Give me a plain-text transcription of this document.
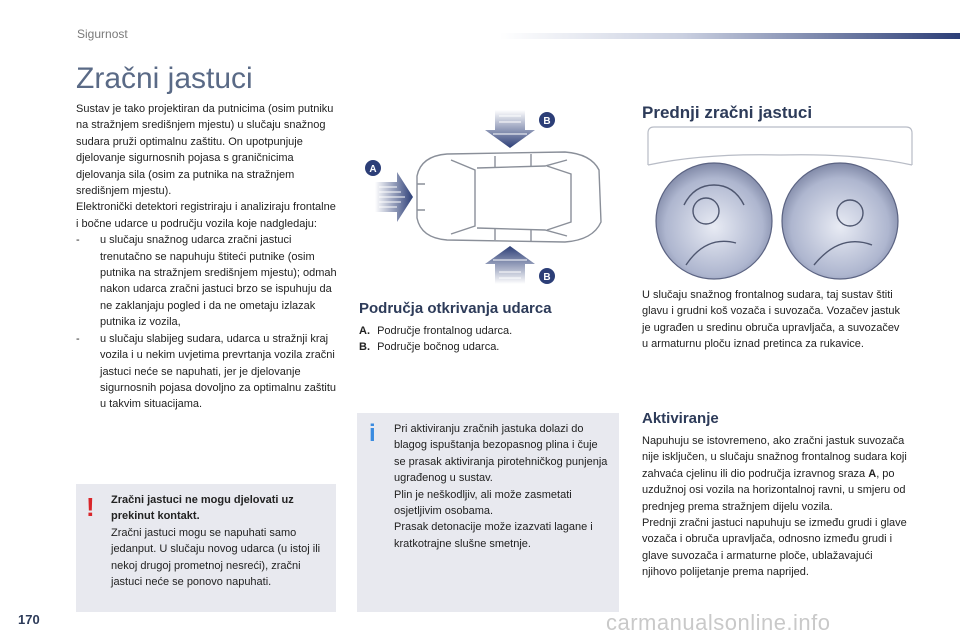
Sigurnost
Zračni jastuci

Sustav je tako projektiran da putnicima (osim putniku na stražnjem središnjem mjestu) u slučaju snažnog sudara pruži optimalnu zaštitu. On upotpunjuje djelovanje sigurnosnih pojasa s graničnicima djelovanja sila (osim za putnika na stražnjem središnjem mjestu).

Elektronički detektori registriraju i analiziraju frontalne i bočne udarce u području vozila koje nadgledaju:

- u slučaju snažnog udarca zračni jastuci trenutačno se napuhuju štiteći putnike (osim putnika na stražnjem središnjem mjestu); odmah nakon udarca zračni jastuci brzo se ispuhuju da ne zaklanjaju pogled i da ne ometaju izlazak putnika iz vozila,
- u slučaju slabijeg sudara, udarca u stražnji kraj vozila i u nekim uvjetima prevrtanja vozila zračni jastuci neće se napuhati, jer je djelovanje sigurnosnih pojasa dovoljno za optimalnu zaštitu u takvim situacijama.
! Zračni jastuci ne mogu djelovati uz prekinut kontakt.

Zračni jastuci mogu se napuhati samo jedanput. U slučaju novog udarca (u istoj ili nekoj drugoj prometnoj nesreći), zračni jastuci neće se ponovo napuhati.

A
B
B
Područja otkrivanja udarca
A. Područje frontalnog udarca.
B. Područje bočnog udarca.
i Pri aktiviranju zračnih jastuka dolazi do blagog ispuštanja bezopasnog plina i čuje se prasak aktiviranja pirotehničkog punjenja ugrađenog u sustav.

Plin je neškodljiv, ali može zasmetati osjetljivim osobama.

Prasak detonacije može izazvati lagane i kratkotrajne slušne smetnje.

Prednji zračni jastuci

U slučaju snažnog frontalnog sudara, taj sustav štiti glavu i grudni koš vozača i suvozača. Vozačev jastuk je ugrađen u sredinu obruča upravljača, a suvozačev u armaturnu ploču iznad pretinca za rukavice.

Aktiviranje

Napuhuju se istovremeno, ako zračni jastuk suvozača nije isključen, u slučaju snažnog frontalnog sudara koji zahvaća cjelinu ili dio područja izravnog sraza A, po uzdužnoj osi vozila na horizontalnoj ravni, u smjeru od prednjeg prema stražnjem dijelu vozila.

Prednji zračni jastuci napuhuju se između grudi i glave vozača i obruča upravljača, odnosno između grudi i glave suvozača i armaturne ploče, ublažavajući njihovo polijetanje prema naprijed.

170	carmanualsonline.info
